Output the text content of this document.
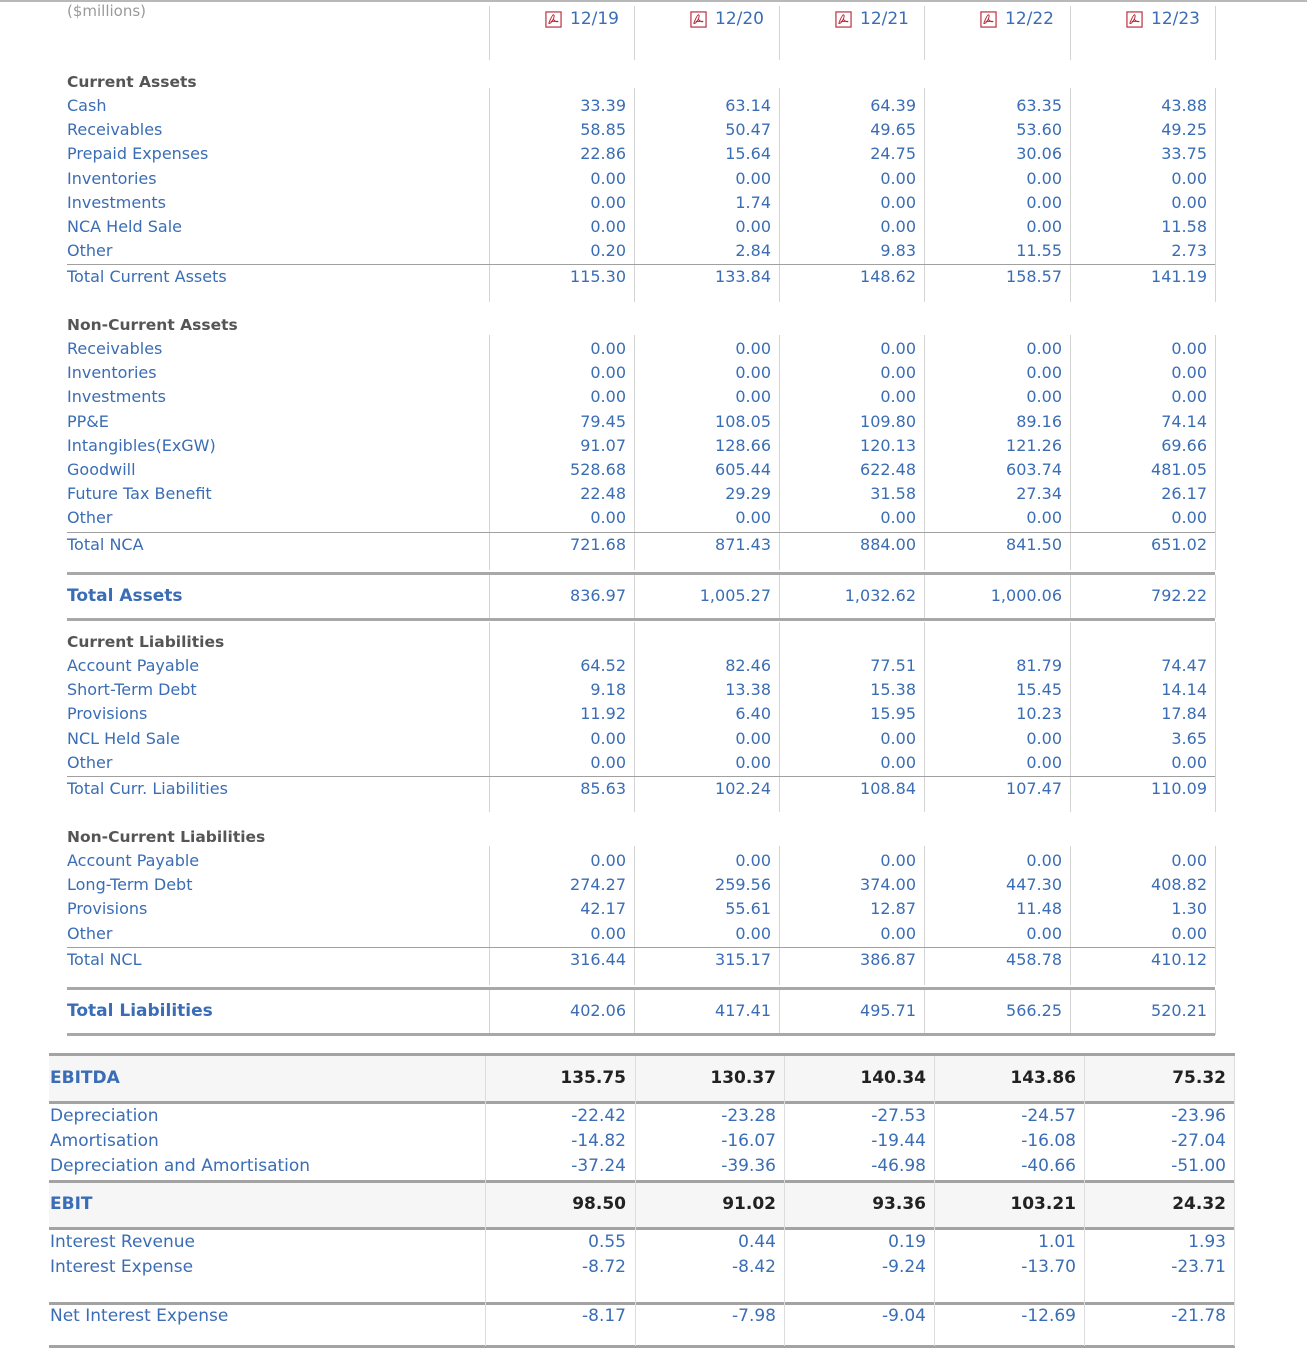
($millions)	12/19	12/20	12/21	12/22	12/23
Current Assets
Cash	33.39	63.14	64.39	63.35	43.88
Receivables	58.85	50.47	49.65	53.60	49.25
Prepaid Expenses	22.86	15.64	24.75	30.06	33.75
Inventories	0.00	0.00	0.00	0.00	0.00
Investments	0.00	1.74	0.00	0.00	0.00
NCA Held Sale	0.00	0.00	0.00	0.00	11.58
Other	0.20	2.84	9.83	11.55	2.73
Total Current Assets	115.30	133.84	148.62	158.57	141.19
Non-Current Assets
Receivables	0.00	0.00	0.00	0.00	0.00
Inventories	0.00	0.00	0.00	0.00	0.00
Investments	0.00	0.00	0.00	0.00	0.00
PP&E	79.45	108.05	109.80	89.16	74.14
Intangibles(ExGW)	91.07	128.66	120.13	121.26	69.66
Goodwill	528.68	605.44	622.48	603.74	481.05
Future Tax Benefit	22.48	29.29	31.58	27.34	26.17
Other	0.00	0.00	0.00	0.00	0.00
Total NCA	721.68	871.43	884.00	841.50	651.02
Total Assets	836.97	1,005.27	1,032.62	1,000.06	792.22
Current Liabilities
Account Payable	64.52	82.46	77.51	81.79	74.47
Short-Term Debt	9.18	13.38	15.38	15.45	14.14
Provisions	11.92	6.40	15.95	10.23	17.84
NCL Held Sale	0.00	0.00	0.00	0.00	3.65
Other	0.00	0.00	0.00	0.00	0.00
Total Curr. Liabilities	85.63	102.24	108.84	107.47	110.09
Non-Current Liabilities
Account Payable	0.00	0.00	0.00	0.00	0.00
Long-Term Debt	274.27	259.56	374.00	447.30	408.82
Provisions	42.17	55.61	12.87	11.48	1.30
Other	0.00	0.00	0.00	0.00	0.00
Total NCL	316.44	315.17	386.87	458.78	410.12
Total Liabilities	402.06	417.41	495.71	566.25	520.21
EBITDA	135.75	130.37	140.34	143.86	75.32
Depreciation	-22.42	-23.28	-27.53	-24.57	-23.96
Amortisation	-14.82	-16.07	-19.44	-16.08	-27.04
Depreciation and Amortisation	-37.24	-39.36	-46.98	-40.66	-51.00
EBIT	98.50	91.02	93.36	103.21	24.32
Interest Revenue	0.55	0.44	0.19	1.01	1.93
Interest Expense	-8.72	-8.42	-9.24	-13.70	-23.71
Net Interest Expense	-8.17	-7.98	-9.04	-12.69	-21.78
